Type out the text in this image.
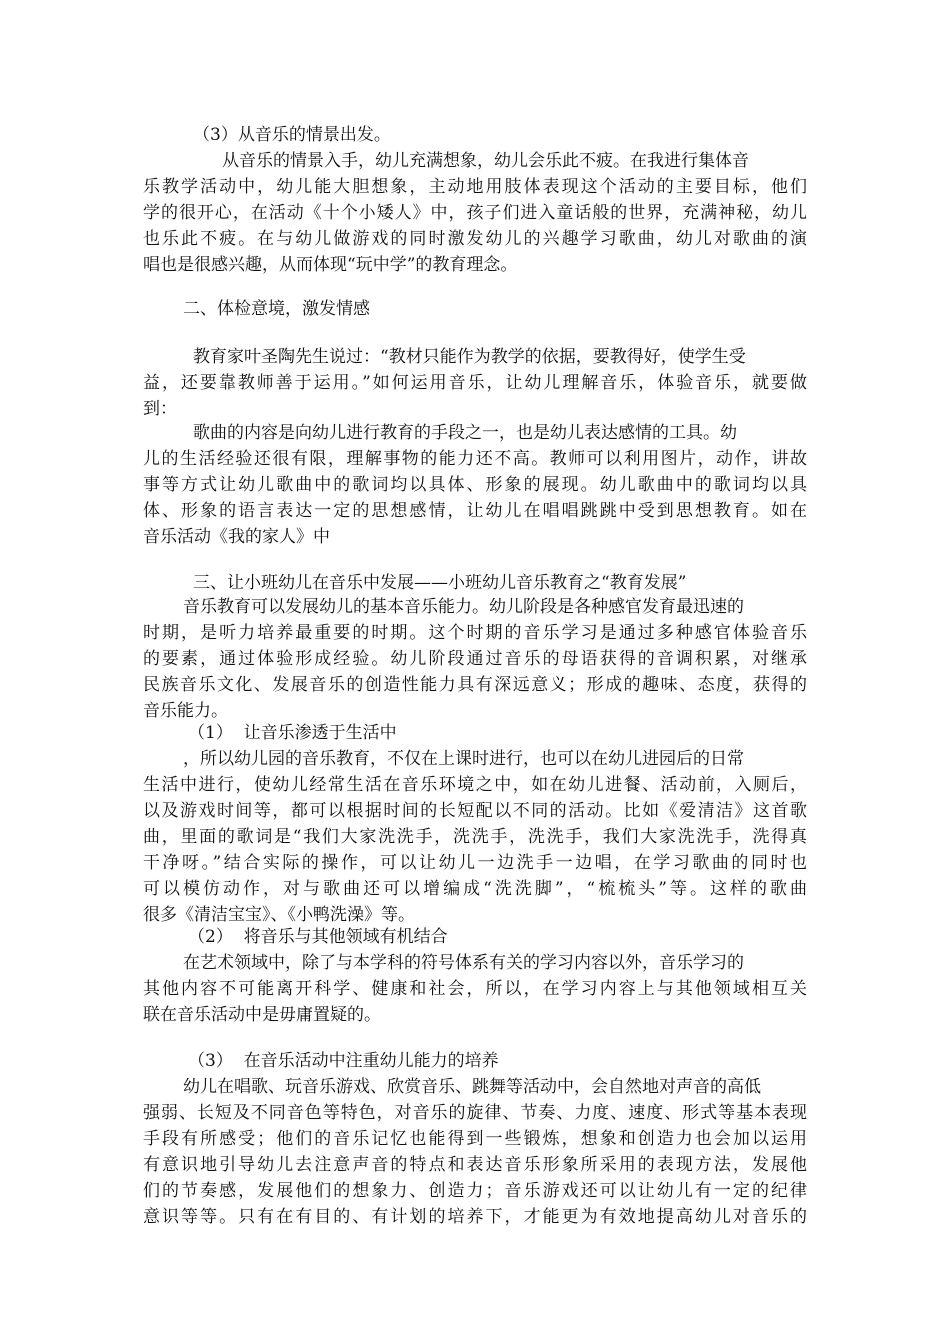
（3）从音乐的情景出发。
从音乐的情景入手，幼儿充满想象，幼儿会乐此不疲。在我进行集体音
乐教学活动中，幼儿能大胆想象，主动地用肢体表现这个活动的主要目标，他们
学的很开心，在活动《十个小矮人》中，孩子们进入童话般的世界，充满神秘，幼儿
也乐此不疲。在与幼儿做游戏的同时激发幼儿的兴趣学习歌曲，幼儿对歌曲的演
唱也是很感兴趣，从而体现“玩中学”的教育理念。
二、体检意境，激发情感
教育家叶圣陶先生说过：“教材只能作为教学的依据，要教得好，使学生受
益，还要靠教师善于运用。”如何运用音乐，让幼儿理解音乐，体验音乐，就要做
到：
歌曲的内容是向幼儿进行教育的手段之一，也是幼儿表达感情的工具。幼
儿的生活经验还很有限，理解事物的能力还不高。教师可以利用图片，动作，讲故
事等方式让幼儿歌曲中的歌词均以具体、形象的展现。幼儿歌曲中的歌词均以具
体、形象的语言表达一定的思想感情，让幼儿在唱唱跳跳中受到思想教育。如在
音乐活动《我的家人》中
三、让小班幼儿在音乐中发展——小班幼儿音乐教育之“教育发展”
音乐教育可以发展幼儿的基本音乐能力。幼儿阶段是各种感官发育最迅速的
时期，是听力培养最重要的时期。这个时期的音乐学习是通过多种感官体验音乐
的要素，通过体验形成经验。幼儿阶段通过音乐的母语获得的音调积累，对继承
民族音乐文化、发展音乐的创造性能力具有深远意义；形成的趣味、态度，获得的
音乐能力。
（1）  让音乐渗透于生活中
，所以幼儿园的音乐教育，不仅在上课时进行，也可以在幼儿进园后的日常
生活中进行，使幼儿经常生活在音乐环境之中，如在幼儿进餐、活动前，入厕后，
以及游戏时间等，都可以根据时间的长短配以不同的活动。比如《爱清洁》这首歌
曲，里面的歌词是“我们大家洗洗手，洗洗手，洗洗手，我们大家洗洗手，洗得真
干净呀。”结合实际的操作，可以让幼儿一边洗手一边唱，在学习歌曲的同时也
可以模仿动作，对与歌曲还可以增编成“洗洗脚”，“梳梳头”等。这样的歌曲
很多《清洁宝宝》、《小鸭洗澡》等。
（2）  将音乐与其他领域有机结合
在艺术领域中，除了与本学科的符号体系有关的学习内容以外，音乐学习的
其他内容不可能离开科学、健康和社会，所以，在学习内容上与其他领域相互关
联在音乐活动中是毋庸置疑的。
（3）  在音乐活动中注重幼儿能力的培养
幼儿在唱歌、玩音乐游戏、欣赏音乐、跳舞等活动中，会自然地对声音的高低
强弱、长短及不同音色等特色，对音乐的旋律、节奏、力度、速度、形式等基本表现
手段有所感受；他们的音乐记忆也能得到一些锻炼，想象和创造力也会加以运用
有意识地引导幼儿去注意声音的特点和表达音乐形象所采用的表现方法，发展他
们的节奏感，发展他们的想象力、创造力；音乐游戏还可以让幼儿有一定的纪律
意识等等。只有在有目的、有计划的培养下，才能更为有效地提高幼儿对音乐的
